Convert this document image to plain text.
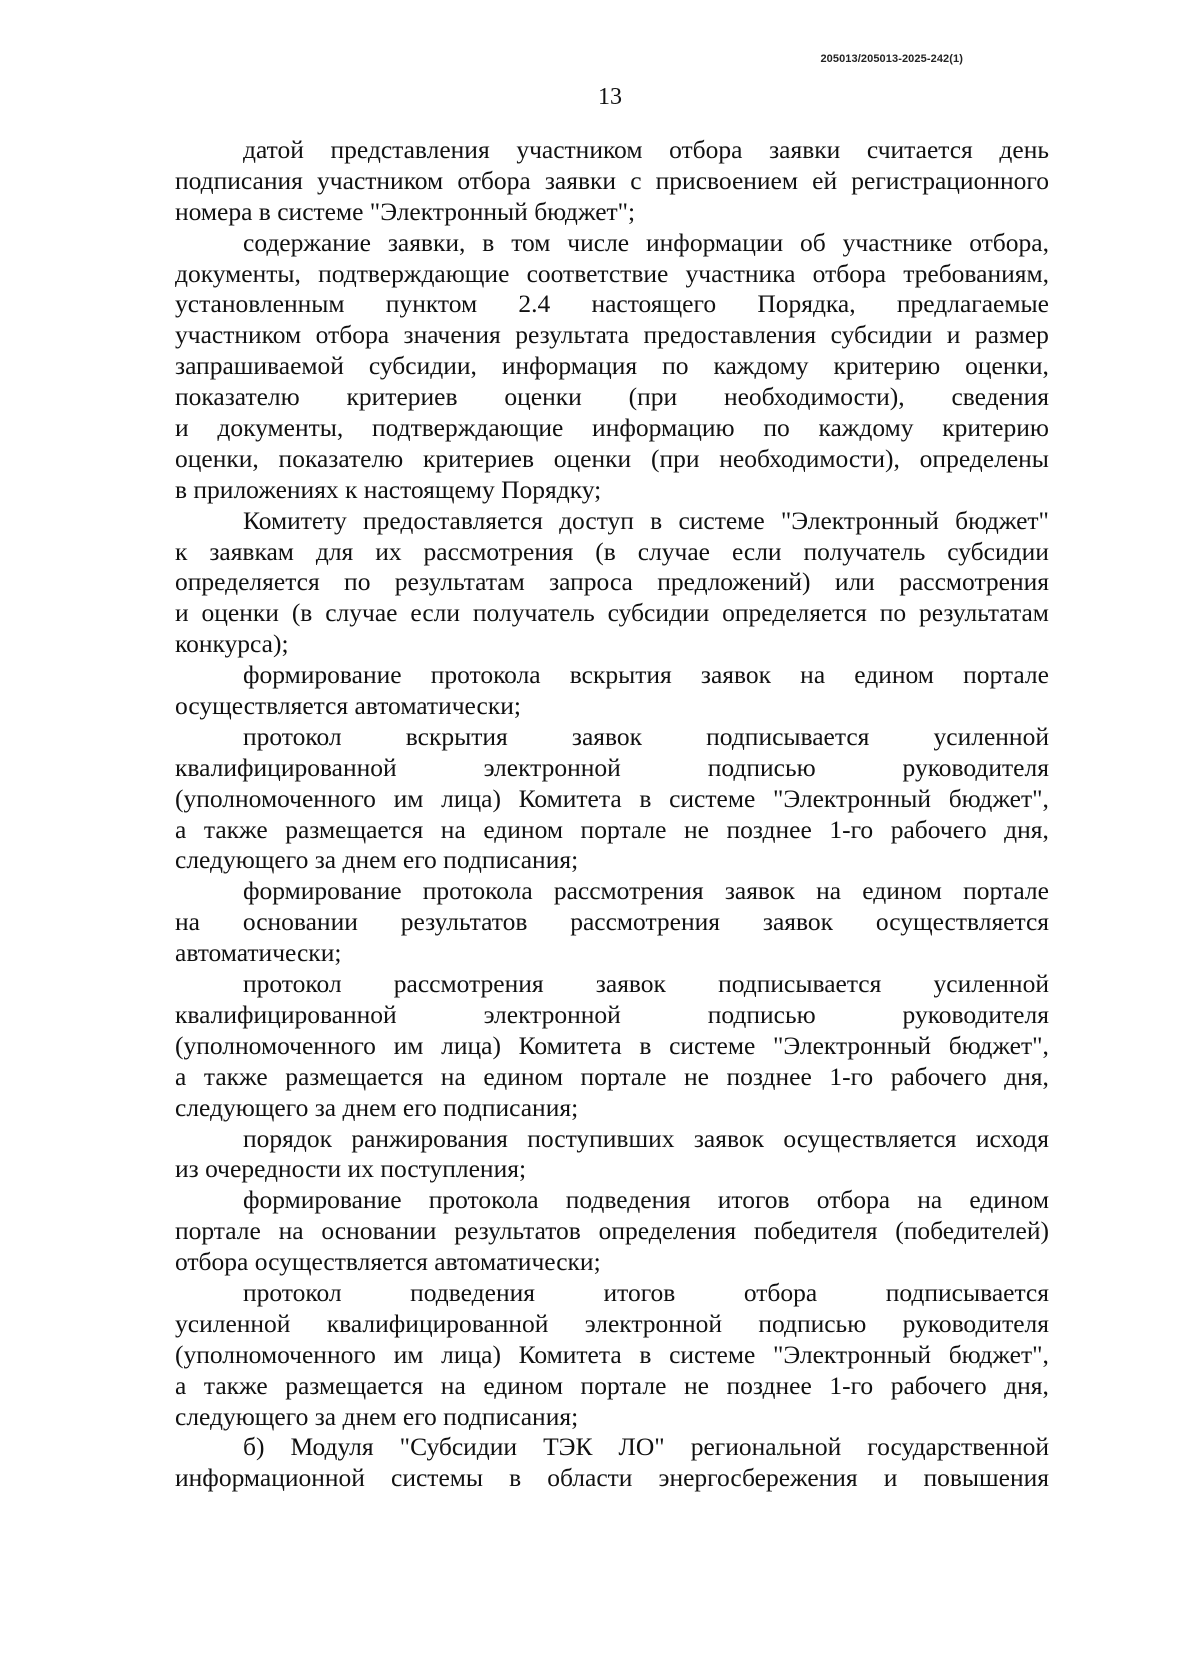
205013/205013-2025-242(1)
13
датой представления участником отбора заявки считается день
подписания участником отбора заявки с присвоением ей регистрационного
номера в системе "Электронный бюджет";
содержание заявки, в том числе информации об участнике отбора,
документы, подтверждающие соответствие участника отбора требованиям,
установленным пунктом 2.4 настоящего Порядка, предлагаемые
участником отбора значения результата предоставления субсидии и размер
запрашиваемой субсидии, информация по каждому критерию оценки,
показателю критериев оценки (при необходимости), сведения
и документы, подтверждающие информацию по каждому критерию
оценки, показателю критериев оценки (при необходимости), определены
в приложениях к настоящему Порядку;
Комитету предоставляется доступ в системе "Электронный бюджет"
к заявкам для их рассмотрения (в случае если получатель субсидии
определяется по результатам запроса предложений) или рассмотрения
и оценки (в случае если получатель субсидии определяется по результатам
конкурса);
формирование протокола вскрытия заявок на едином портале
осуществляется автоматически;
протокол	вскрытия	заявок	подписывается	усиленной
квалифицированной	электронной	подписью	руководителя
(уполномоченного им лица) Комитета в системе "Электронный бюджет",
а также размещается на едином портале не позднее 1-го рабочего дня,
следующего за днем его подписания;
формирование протокола рассмотрения заявок на едином портале
на основании результатов рассмотрения заявок осуществляется
автоматически;
протокол рассмотрения заявок подписывается усиленной
квалифицированной	электронной	подписью	руководителя
(уполномоченного им лица) Комитета в системе "Электронный бюджет",
а также размещается на едином портале не позднее 1-го рабочего дня,
следующего за днем его подписания;
порядок ранжирования поступивших заявок осуществляется исходя
из очередности их поступления;
формирование протокола подведения итогов отбора на едином
портале на основании результатов определения победителя (победителей)
отбора осуществляется автоматически;
протокол	подведения	итогов	отбора	подписывается
усиленной квалифицированной электронной подписью руководителя
(уполномоченного им лица) Комитета в системе "Электронный бюджет",
а также размещается на едином портале не позднее 1-го рабочего дня,
следующего за днем его подписания;
б) Модуля "Субсидии ТЭК ЛО" региональной государственной
информационной системы в области энергосбережения и повышения
